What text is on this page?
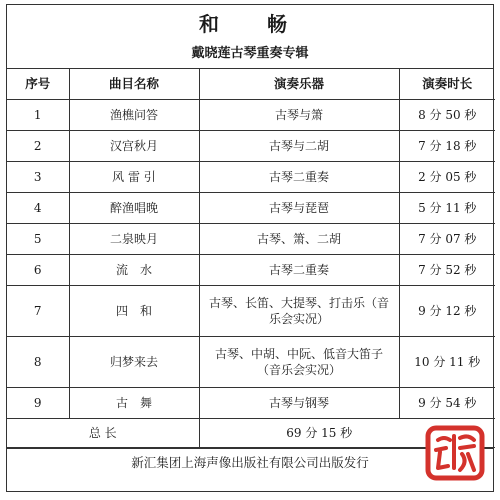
和　畅
戴晓莲古琴重奏专辑
序号	曲目名称	演奏乐器	演奏时长
1	渔樵问答	古琴与箫	8 分 50 秒
2	汉宫秋月	古琴与二胡	7 分 18 秒
3	风 雷 引	古琴二重奏	2 分 05 秒
4	醉渔唱晚	古琴与琵琶	5 分 11 秒
5	二泉映月	古琴、箫、二胡	7 分 07 秒
6	流　水	古琴二重奏	7 分 52 秒
7	四　和	古琴、长笛、大提琴、打击乐（音乐会实况）	9 分 12 秒
8	归梦来去	古琴、中胡、中阮、低音大笛子（音乐会实况）	10 分 11 秒
9	古　舞	古琴与钢琴	9 分 54 秒
总 长		69 分 15 秒	
新汇集团上海声像出版社有限公司出版发行
